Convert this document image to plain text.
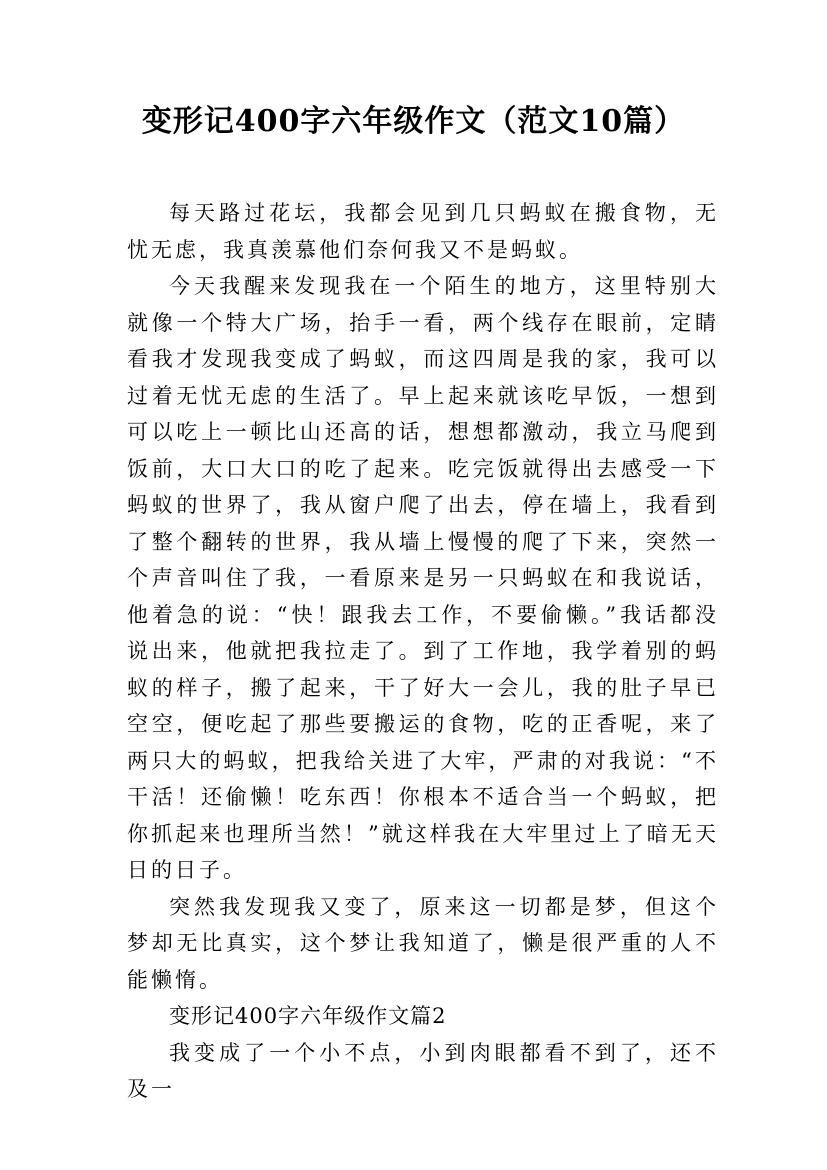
变形记400字六年级作文（范文10篇）

每天路过花坛，我都会见到几只蚂蚁在搬食物，无忧无虑，我真羡慕他们奈何我又不是蚂蚁。

今天我醒来发现我在一个陌生的地方，这里特别大就像一个特大广场，抬手一看，两个线存在眼前，定睛看我才发现我变成了蚂蚁，而这四周是我的家，我可以过着无忧无虑的生活了。早上起来就该吃早饭，一想到可以吃上一顿比山还高的话，想想都激动，我立马爬到饭前，大口大口的吃了起来。吃完饭就得出去感受一下蚂蚁的世界了，我从窗户爬了出去，停在墙上，我看到了整个翻转的世界，我从墙上慢慢的爬了下来，突然一个声音叫住了我，一看原来是另一只蚂蚁在和我说话，他着急的说：“快！跟我去工作，不要偷懒。”我话都没说出来，他就把我拉走了。到了工作地，我学着别的蚂蚁的样子，搬了起来，干了好大一会儿，我的肚子早已空空，便吃起了那些要搬运的食物，吃的正香呢，来了两只大的蚂蚁，把我给关进了大牢，严肃的对我说：“不干活！还偷懒！吃东西！你根本不适合当一个蚂蚁，把你抓起来也理所当然！”就这样我在大牢里过上了暗无天日的日子。

突然我发现我又变了，原来这一切都是梦，但这个梦却无比真实，这个梦让我知道了，懒是很严重的人不能懒惰。

变形记400字六年级作文篇2

我变成了一个小不点，小到肉眼都看不到了，还不及一
